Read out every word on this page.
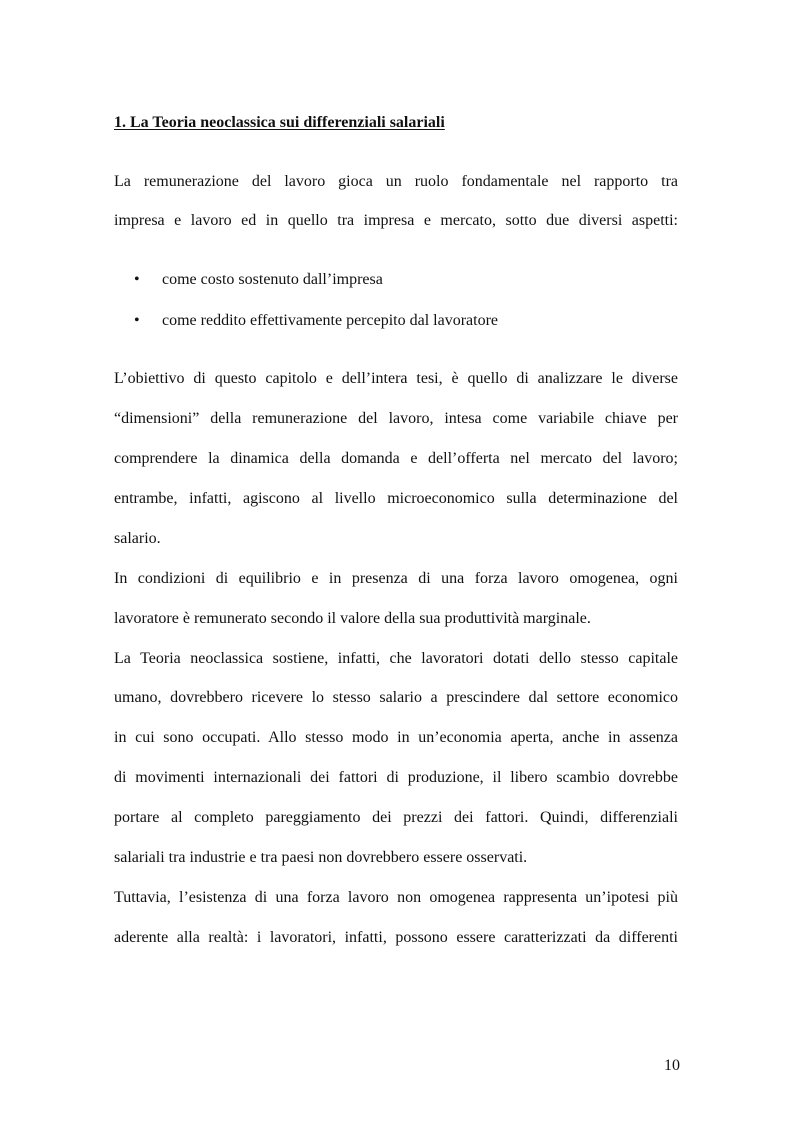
1. La Teoria neoclassica sui differenziali salariali
La remunerazione del lavoro gioca un ruolo fondamentale nel rapporto tra
impresa e lavoro ed in quello tra impresa e mercato, sotto due diversi aspetti:
• come costo sostenuto dall’impresa
• come reddito effettivamente percepito dal lavoratore
L’obiettivo di questo capitolo e dell’intera tesi, è quello di analizzare le diverse
“dimensioni” della remunerazione del lavoro, intesa come variabile chiave per
comprendere la dinamica della domanda e dell’offerta nel mercato del lavoro;
entrambe, infatti, agiscono al livello microeconomico sulla determinazione del
salario.
In condizioni di equilibrio e in presenza di una forza lavoro omogenea, ogni
lavoratore è remunerato secondo il valore della sua produttività marginale.
La Teoria neoclassica sostiene, infatti, che lavoratori dotati dello stesso capitale
umano, dovrebbero ricevere lo stesso salario a prescindere dal settore economico
in cui sono occupati. Allo stesso modo in un’economia aperta, anche in assenza
di movimenti internazionali dei fattori di produzione, il libero scambio dovrebbe
portare al completo pareggiamento dei prezzi dei fattori. Quindi, differenziali
salariali tra industrie e tra paesi non dovrebbero essere osservati.
Tuttavia, l’esistenza di una forza lavoro non omogenea rappresenta un’ipotesi più
aderente alla realtà: i lavoratori, infatti, possono essere caratterizzati da differenti
10
